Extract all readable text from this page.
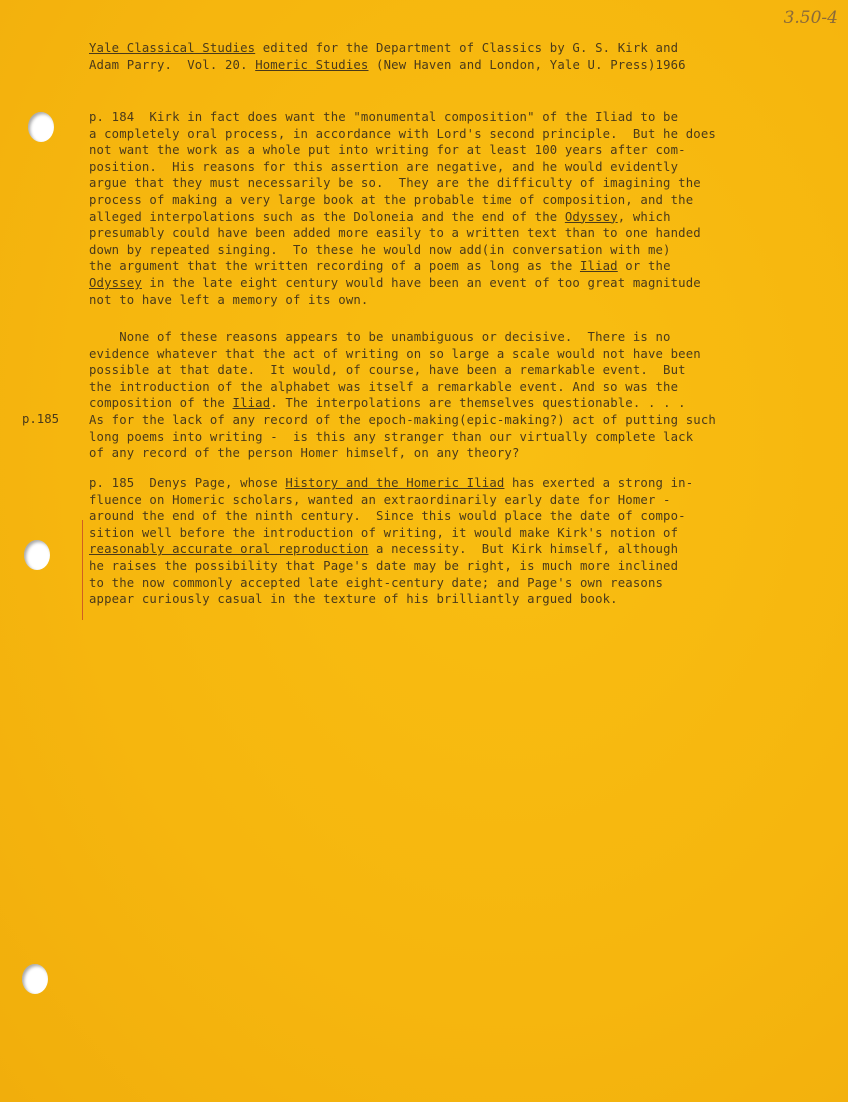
3.50-4
Yale Classical Studies edited for the Department of Classics by G. S. Kirk and
Adam Parry.  Vol. 20. Homeric Studies (New Haven and London, Yale U. Press)1966
p. 184  Kirk in fact does want the "monumental composition" of the Iliad to be
a completely oral process, in accordance with Lord's second principle.  But he does
not want the work as a whole put into writing for at least 100 years after com-
position.  His reasons for this assertion are negative, and he would evidently
argue that they must necessarily be so.  They are the difficulty of imagining the
process of making a very large book at the probable time of composition, and the
alleged interpolations such as the Doloneia and the end of the Odyssey, which
presumably could have been added more easily to a written text than to one handed
down by repeated singing.  To these he would now add(in conversation with me)
the argument that the written recording of a poem as long as the Iliad or the
Odyssey in the late eight century would have been an event of too great magnitude
not to have left a memory of its own.
None of these reasons appears to be unambiguous or decisive.  There is no
evidence whatever that the act of writing on so large a scale would not have been
possible at that date.  It would, of course, have been a remarkable event.  But
the introduction of the alphabet was itself a remarkable event. And so was the
composition of the Iliad. The interpolations are themselves questionable. . . .
As for the lack of any record of the epoch-making(epic-making?) act of putting such
long poems into writing -  is this any stranger than our virtually complete lack
of any record of the person Homer himself, on any theory?
p.185
p. 185  Denys Page, whose History and the Homeric Iliad has exerted a strong in-
fluence on Homeric scholars, wanted an extraordinarily early date for Homer -
around the end of the ninth century.  Since this would place the date of compo-
sition well before the introduction of writing, it would make Kirk's notion of
reasonably accurate oral reproduction a necessity.  But Kirk himself, although
he raises the possibility that Page's date may be right, is much more inclined
to the now commonly accepted late eight-century date; and Page's own reasons
appear curiously casual in the texture of his brilliantly argued book.
